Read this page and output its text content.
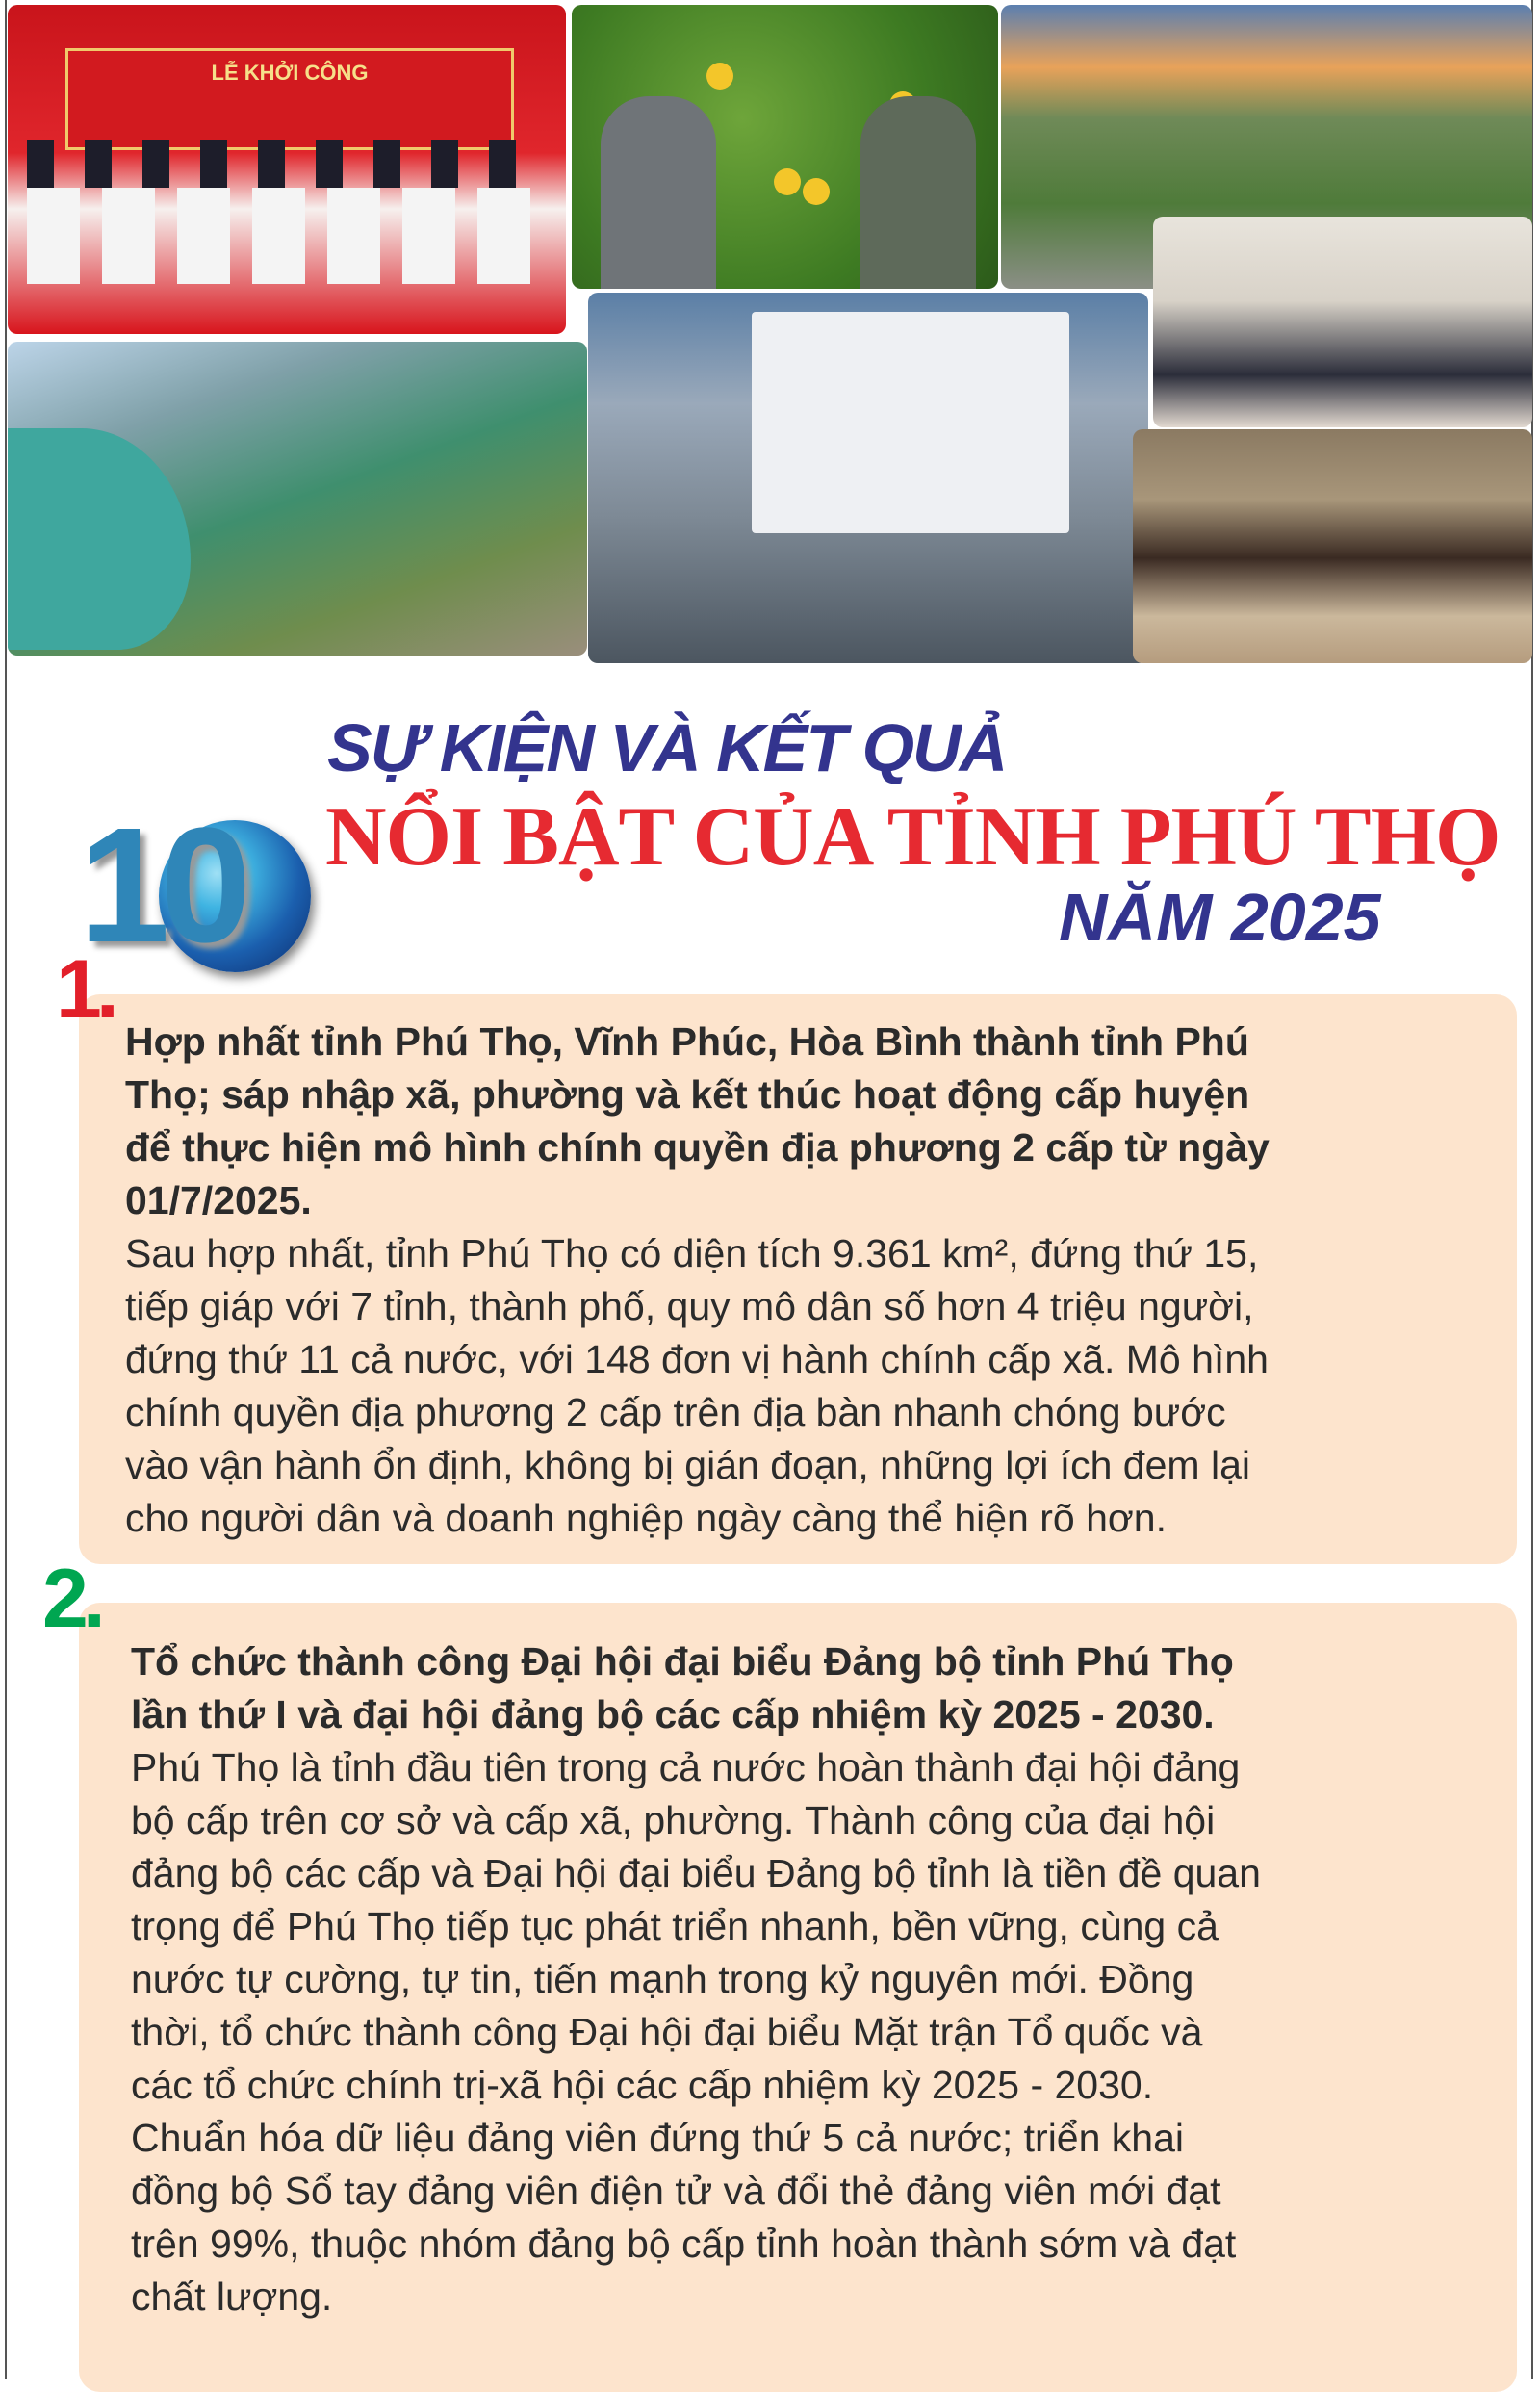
LỄ KHỞI CÔNG
10
SỰ KIỆN VÀ KẾT QUẢ
NỔI BẬT CỦA TỈNH PHÚ THỌ
NĂM 2025
Hợp nhất tỉnh Phú Thọ, Vĩnh Phúc, Hòa Bình thành tỉnh Phú
Thọ; sáp nhập xã, phường và kết thúc hoạt động cấp huyện
để thực hiện mô hình chính quyền địa phương 2 cấp từ ngày
01/7/2025.
Sau hợp nhất, tỉnh Phú Thọ có diện tích 9.361 km², đứng thứ 15,
tiếp giáp với 7 tỉnh, thành phố, quy mô dân số hơn 4 triệu người,
đứng thứ 11 cả nước, với 148 đơn vị hành chính cấp xã. Mô hình
chính quyền địa phương 2 cấp trên địa bàn nhanh chóng bước
vào vận hành ổn định, không bị gián đoạn, những lợi ích đem lại
cho người dân và doanh nghiệp ngày càng thể hiện rõ hơn.
1.
Tổ chức thành công Đại hội đại biểu Đảng bộ tỉnh Phú Thọ
lần thứ I và đại hội đảng bộ các cấp nhiệm kỳ 2025 - 2030.
Phú Thọ là tỉnh đầu tiên trong cả nước hoàn thành đại hội đảng
bộ cấp trên cơ sở và cấp xã, phường. Thành công của đại hội
đảng bộ các cấp và Đại hội đại biểu Đảng bộ tỉnh là tiền đề quan
trọng để Phú Thọ tiếp tục phát triển nhanh, bền vững, cùng cả
nước tự cường, tự tin, tiến mạnh trong kỷ nguyên mới. Đồng
thời, tổ chức thành công Đại hội đại biểu Mặt trận Tổ quốc và
các tổ chức chính trị-xã hội các cấp nhiệm kỳ 2025 - 2030.
Chuẩn hóa dữ liệu đảng viên đứng thứ 5 cả nước; triển khai
đồng bộ Sổ tay đảng viên điện tử và đổi thẻ đảng viên mới đạt
trên 99%, thuộc nhóm đảng bộ cấp tỉnh hoàn thành sớm và đạt
chất lượng.
2.
